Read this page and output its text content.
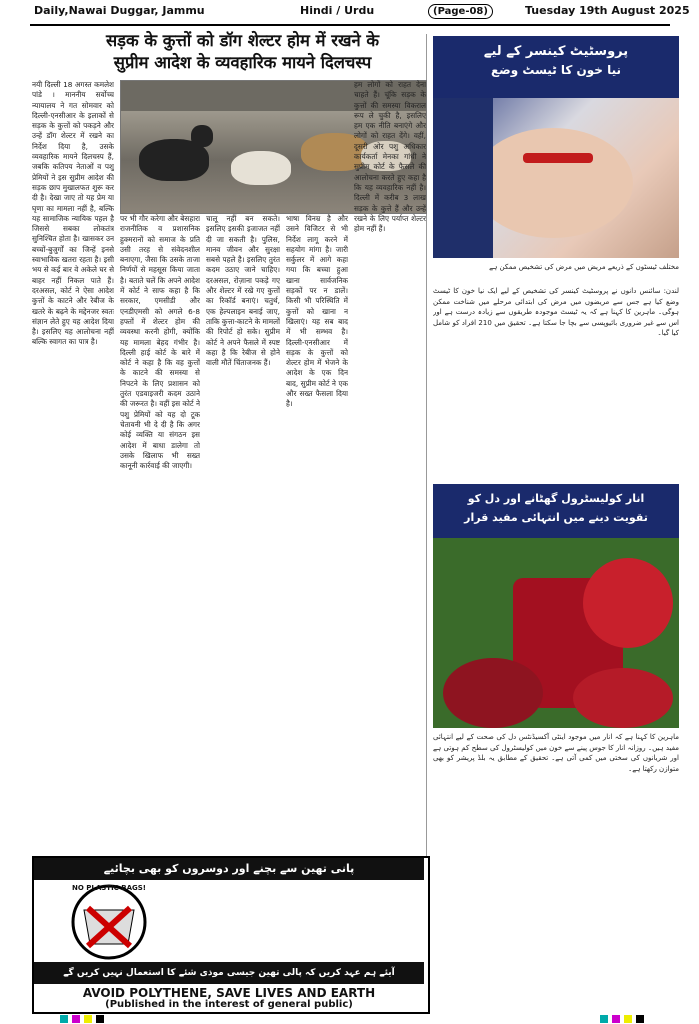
Daily,Nawai Duggar, Jammu	Hindi / Urdu	(Page-08)	Tuesday 19th August 2025
सड़क के कुत्तों को डॉग शेल्टर होम में रखने के
सुप्रीम आदेश के व्यवहारिक मायने दिलचस्प

नयी दिल्ली 18 अगस्त कमलेश पांडे । माननीय सर्वोच्च न्यायालय ने गत सोमवार को दिल्ली-एनसीआर के इलाकों से सड़क के कुत्तों को पकड़ने और उन्हें डॉग शेल्टर में रखने का निर्देश दिया है, उसके व्यवहारिक मायने दिलचस्प हैं, जबकि कतिपय नेताओं व पशु प्रेमियों ने इस सुप्रीम आदेश की सड़क छाप मुखालफत शुरू कर दी है। देखा जाए तो यह प्रेम या घृणा का मामला नहीं है, बल्कि यह सामाजिक न्यायिक पहल है जिससे सबका लोकतंत्र सुनिश्चित होता है। खासकर उन बच्चों-बुजुर्गों का जिन्हें इनसे स्वाभाविक खतरा रहता है। इसी भय से कई बार वे अकेले घर से बाहर नहीं निकल पाते हैं। दरअसल, कोर्ट ने ऐसा आदेश कुत्तों के काटने और रेबीज के खतरे के बढ़ने के मद्देनजर स्वतः संज्ञान लेते हुए यह आदेश दिया है। इसलिए यह आलोचना नहीं बल्कि स्वागत का पात्र है।

पर भी गौर करेगा और बेसहारा राजनीतिक व प्रशासनिक हुक्मरानों को समाज के प्रति उसी तरह से संवेदनशील बनाएगा, जैसा कि उसके ताजा निर्णयों से महसूस किया जाता है। बताते चलें कि अपने आदेश में कोर्ट ने साफ कहा है कि सरकार, एमसीडी और एनडीएमसी को अगले 6-8 हफ्तों में शेल्टर होम की व्यवस्था करनी होगी, क्योंकि यह मामला बेहद गंभीर है। दिल्ली हाई कोर्ट के बारे में कोर्ट ने कहा है कि वह कुत्तों के काटने की समस्या से निपटने के लिए प्रशासन को तुरंत एडवाइजरी कदम उठाने की जरूरत है। वहीं इस कोर्ट ने पशु प्रेमियों को यह दो टूक चेतावनी भी दे दी है कि अगर कोई व्यक्ति या संगठन इस आदेश में बाधा डालेगा तो उसके खिलाफ भी सख्त कानूनी कार्रवाई की जाएगी।

चालू नहीं बन सकते। इसलिए इसकी इजाजत नहीं दी जा सकती है। पुलिस, मानव जीवन और सुरक्षा सबसे पहले है। इसलिए तुरंत कदम उठाए जाने चाहिए। दरअसल, रोज़ाना पकड़े गए और शेल्टर में रखे गए कुत्तों का रिकॉर्ड बनाएं। चतुर्थ, एक हेल्पलाइन बनाई जाए, ताकि कुत्ता-काटने के मामलों की रिपोर्ट हो सके। सुप्रीम कोर्ट ने अपने फैसले में स्पष्ट कहा है कि रेबीज से होने वाली मौतें चिंताजनक हैं।

भाषा विनम्र है और उसने विजिटर से भी निर्देश लागू करने में सहयोग मांगा है। जारी सर्कुलर में आगे कहा गया कि बच्चा हुआ खाना सार्वजनिक सड़कों पर न डालें। किसी भी परिस्थिति में कुत्तों को खाना न खिलाएं। यह सब बाद में भी सम्भव है। दिल्ली-एनसीआर में सड़क के कुत्तों को शेल्टर होम में भेजने के आदेश के एक दिन बाद, सुप्रीम कोर्ट ने एक और सख्त फैसला दिया है।

हम लोगों को राहत देना चाहते हैं। चूंकि सड़क के कुत्तों की समस्या विकराल रूप ले चुकी है, इसलिए हम एक नीति बनाएंगे और लोगों को राहत देंगे। वहीं, दूसरी ओर पशु अधिकार कार्यकर्ता मेनका गांधी ने सुप्रीम कोर्ट के फैसले की आलोचना करते हुए कहा है कि यह व्यवहारिक नहीं है। दिल्ली में करीब 3 लाख सड़क के कुत्ते हैं और उन्हें रखने के लिए पर्याप्त शेल्टर होम नहीं हैं।

پروسٹیٹ کینسر کے لیے
نیا خون کا ٹیسٹ وضع
مختلف ٹیسٹوں کے ذریعے مریض میں مرض کی تشخیص ممکن ہے
لندن: سائنس دانوں نے پروسٹیٹ کینسر کی تشخیص کے لیے ایک نیا خون کا ٹیسٹ وضع کیا ہے جس سے مریضوں میں مرض کی ابتدائی مرحلے میں شناخت ممکن ہوگی۔ ماہرین کا کہنا ہے کہ یہ ٹیسٹ موجودہ طریقوں سے زیادہ درست ہے اور اس سے غیر ضروری بائیوپسی سے بچا جا سکتا ہے۔ تحقیق میں 210 افراد کو شامل کیا گیا۔
انار کولیسٹرول گھٹانے اور دل کو
تقویت دینے میں انتہائی مفید قرار
ماہرین کا کہنا ہے کہ انار میں موجود اینٹی آکسیڈنٹس دل کی صحت کے لیے انتہائی مفید ہیں۔ روزانہ انار کا جوس پینے سے خون میں کولیسٹرول کی سطح کم ہوتی ہے اور شریانوں کی سختی میں کمی آتی ہے۔ تحقیق کے مطابق یہ بلڈ پریشر کو بھی متوازن رکھتا ہے۔
پانی تھین سے بچنے اور دوسروں کو بھی بچائیے
NO PLASTIC BAGS!
آیئے ہم عہد کریں کہ پالی تھین جیسی موذی شئے کا استعمال نہیں کریں گے
AVOID POLYTHENE, SAVE LIVES AND EARTH
(Published in the interest of general public)
